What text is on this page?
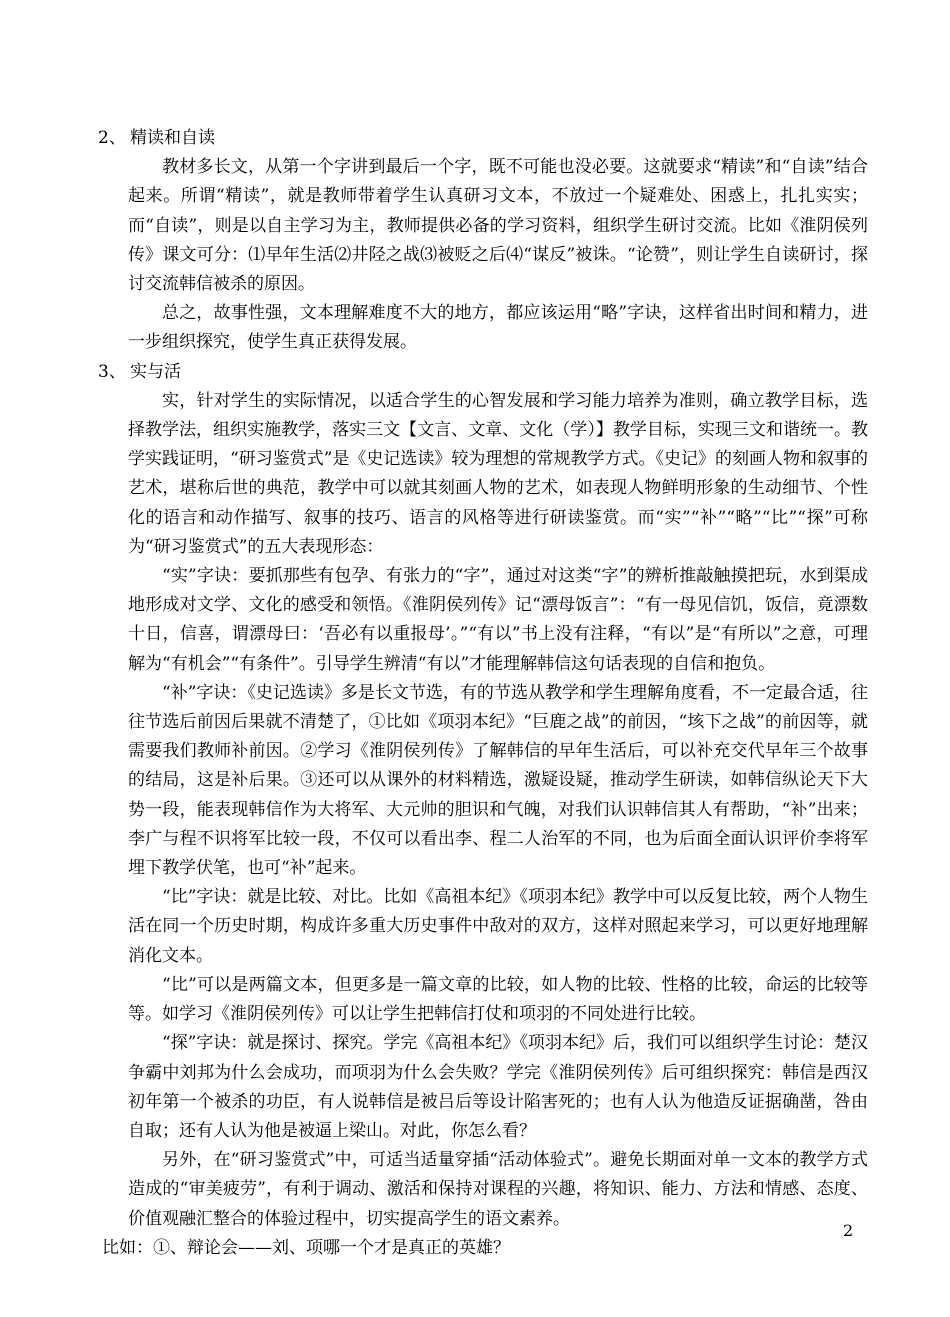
2、 精读和自读

教材多长文，从第一个字讲到最后一个字，既不可能也没必要。这就要求“精读”和“自读”结合起来。所谓“精读”，就是教师带着学生认真研习文本，不放过一个疑难处、困惑上，扎扎实实；而“自读”，则是以自主学习为主，教师提供必备的学习资料，组织学生研讨交流。比如《淮阴侯列传》课文可分：⑴早年生活⑵井陉之战⑶被贬之后⑷“谋反”被诛。“论赞”，则让学生自读研讨，探讨交流韩信被杀的原因。

总之，故事性强，文本理解难度不大的地方，都应该运用“略”字诀，这样省出时间和精力，进一步组织探究，使学生真正获得发展。

3、 实与活

实，针对学生的实际情况，以适合学生的心智发展和学习能力培养为准则，确立教学目标，选择教学法，组织实施教学，落实三文【文言、文章、文化（学）】教学目标，实现三文和谐统一。教学实践证明，“研习鉴赏式”是《史记选读》较为理想的常规教学方式。《史记》的刻画人物和叙事的艺术，堪称后世的典范，教学中可以就其刻画人物的艺术，如表现人物鲜明形象的生动细节、个性化的语言和动作描写、叙事的技巧、语言的风格等进行研读鉴赏。而“实”“补”“略”“比”“探”可称为“研习鉴赏式”的五大表现形态：

“实”字诀：要抓那些有包孕、有张力的“字”，通过对这类“字”的辨析推敲触摸把玩，水到渠成地形成对文学、文化的感受和领悟。《淮阴侯列传》记“漂母饭言”：“有一母见信饥，饭信，竟漂数十日，信喜，谓漂母曰：‘吾必有以重报母’。”“有以”书上没有注释，“有以”是“有所以”之意，可理解为“有机会”“有条件”。引导学生辨清“有以”才能理解韩信这句话表现的自信和抱负。

“补”字诀：《史记选读》多是长文节选，有的节选从教学和学生理解角度看，不一定最合适，往往节选后前因后果就不清楚了，①比如《项羽本纪》“巨鹿之战”的前因，“垓下之战”的前因等，就需要我们教师补前因。②学习《淮阴侯列传》了解韩信的早年生活后，可以补充交代早年三个故事的结局，这是补后果。③还可以从课外的材料精选，激疑设疑，推动学生研读，如韩信纵论天下大势一段，能表现韩信作为大将军、大元帅的胆识和气魄，对我们认识韩信其人有帮助，“补”出来；李广与程不识将军比较一段，不仅可以看出李、程二人治军的不同，也为后面全面认识评价李将军埋下教学伏笔，也可“补”起来。

“比”字诀：就是比较、对比。比如《高祖本纪》《项羽本纪》教学中可以反复比较，两个人物生活在同一个历史时期，构成许多重大历史事件中敌对的双方，这样对照起来学习，可以更好地理解消化文本。

“比”可以是两篇文本，但更多是一篇文章的比较，如人物的比较、性格的比较，命运的比较等等。如学习《淮阴侯列传》可以让学生把韩信打仗和项羽的不同处进行比较。

“探”字诀：就是探讨、探究。学完《高祖本纪》《项羽本纪》后，我们可以组织学生讨论：楚汉争霸中刘邦为什么会成功，而项羽为什么会失败？学完《淮阴侯列传》后可组织探究：韩信是西汉初年第一个被杀的功臣，有人说韩信是被吕后等设计陷害死的；也有人认为他造反证据确凿，咎由自取；还有人认为他是被逼上梁山。对此，你怎么看？

另外，在“研习鉴赏式”中，可适当适量穿插“活动体验式”。避免长期面对单一文本的教学方式造成的“审美疲劳”，有利于调动、激活和保持对课程的兴趣，将知识、能力、方法和情感、态度、价值观融汇整合的体验过程中，切实提高学生的语文素养。

比如：①、辩论会——刘、项哪一个才是真正的英雄？

2
